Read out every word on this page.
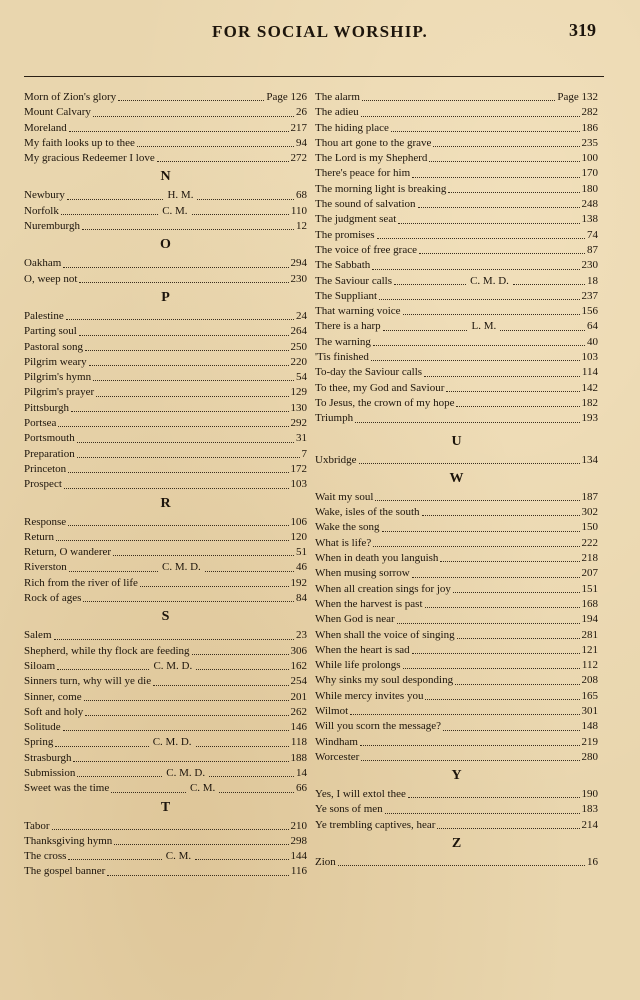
FOR SOCIAL WORSHIP.	319
Morn of Zion's glory	Page 126
Mount Calvary	26
Moreland	217
My faith looks up to thee	94
My gracious Redeemer I love	272
N
Newbury	H. M.	68
Norfolk	C. M.	110
Nuremburgh	12
O
Oakham	294
O, weep not	230
P
Palestine	24
Parting soul	264
Pastoral song	250
Pilgrim weary	220
Pilgrim's hymn	54
Pilgrim's prayer	129
Pittsburgh	130
Portsea	292
Portsmouth	31
Preparation	7
Princeton	172
Prospect	103
R
Response	106
Return	120
Return, O wanderer	51
Riverston	C. M. D.	46
Rich from the river of life	192
Rock of ages	84
S
Salem	23
Shepherd, while thy flock are feeding	306
Siloam	C. M. D.	162
Sinners turn, why will ye die	254
Sinner, come	201
Soft and holy	262
Solitude	146
Spring	C. M. D.	118
Strasburgh	188
Submission	C. M. D.	14
Sweet was the time	C. M.	66
T
Tabor	210
Thanksgiving hymn	298
The cross	C. M.	144
The gospel banner	116
The alarm	Page 132
The adieu	282
The hiding place	186
Thou art gone to the grave	235
The Lord is my Shepherd	100
There's peace for him	170
The morning light is breaking	180
The sound of salvation	248
The judgment seat	138
The promises	74
The voice of free grace	87
The Sabbath	230
The Saviour calls	C. M. D.	18
The Suppliant	237
That warning voice	156
There is a harp	L. M.	64
The warning	40
'Tis finished	103
To-day the Saviour calls	114
To thee, my God and Saviour	142
To Jesus, the crown of my hope	182
Triumph	193
U
Uxbridge	134
W
Wait my soul	187
Wake, isles of the south	302
Wake the song	150
What is life?	222
When in death you languish	218
When musing sorrow	207
When all creation sings for joy	151
When the harvest is past	168
When God is near	194
When shall the voice of singing	281
When the heart is sad	121
While life prolongs	112
Why sinks my soul desponding	208
While mercy invites you	165
Wilmot	301
Will you scorn the message?	148
Windham	219
Worcester	280
Y
Yes, I will extol thee	190
Ye sons of men	183
Ye trembling captives, hear	214
Z
Zion	16
